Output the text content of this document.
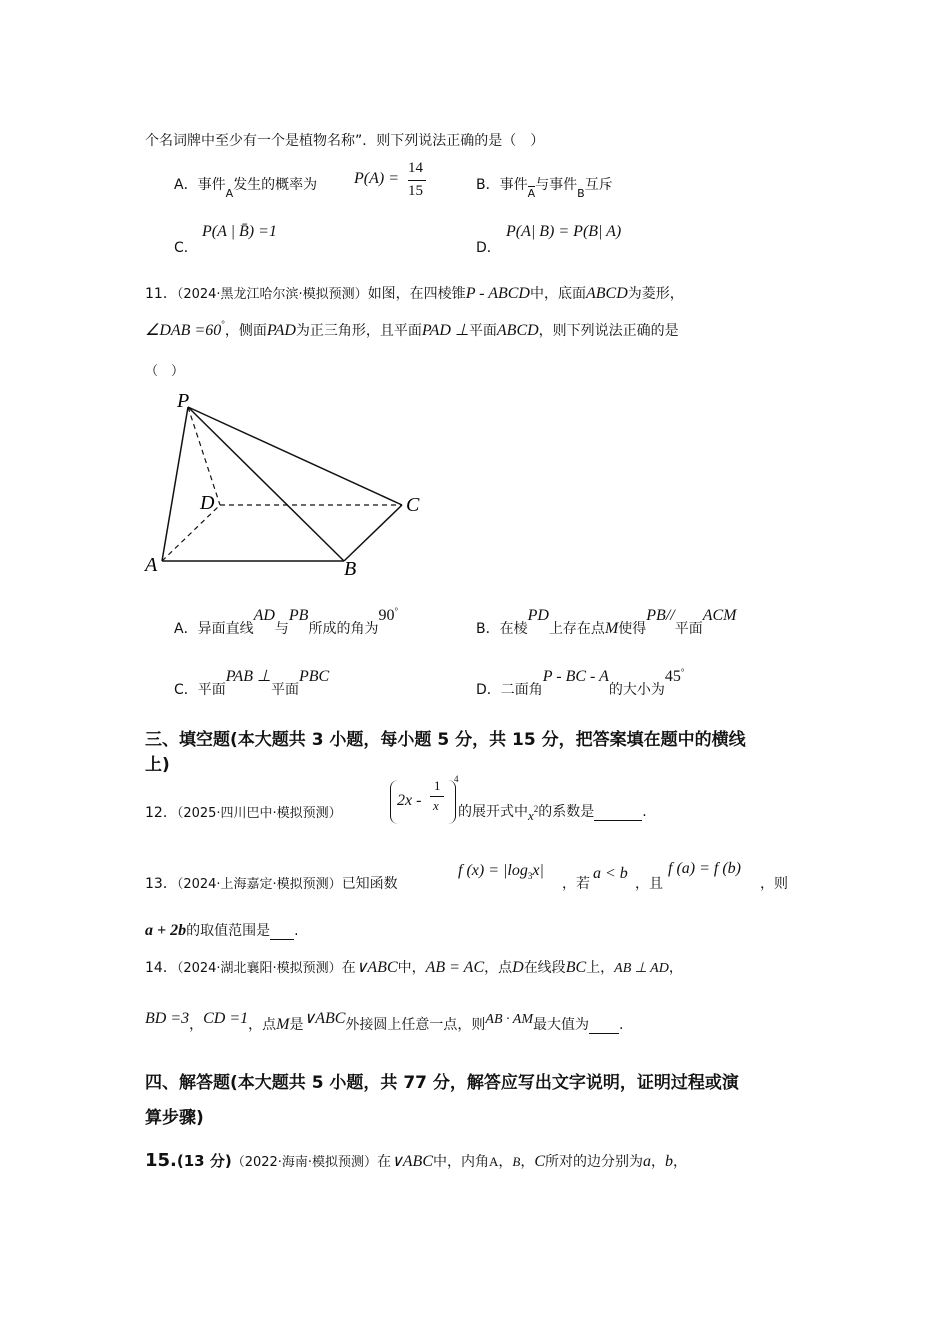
个名词牌中至少有一个是植物名称”．则下列说法正确的是（　）
A．事件$_A$发生的概率为 P(A) =
14
15	B．事件$_A$与事件$_B$互斥
C．
P(A | B̄) =1
D．
P(A| B) = P(B| A)
11．（2024·黑龙江哈尔滨·模拟预测）如图，在四棱锥P - ABCD中，底面ABCD为菱形，
∠DAB =60°，侧面PAD为正三角形，且平面PAD ⊥平面ABCD，则下列说法正确的是
（　）
P
D	C
A	B
A．异面直线AD与PB所成的角为90°
B．在棱PD上存在点M使得PB//平面ACM
C．平面PAB ⊥平面PBC
D．二面角P - BC - A的大小为45°
三、填空题(本大题共 3 小题，每小题 5 分，共 15 分，把答案填在题中的横线
上)
12．（2025·四川巴中·模拟预测）
2x -
1
x
4
的展开式中$_x^2$的系数是	.
13．（2024·上海嘉定·模拟预测）已知函数
f $(x) = |\log_3x|$
，若
a < b
，且
f (a) = f (b)
，则
a + 2b的取值范围是 .
14．（2024·湖北襄阳·模拟预测）在∨ABC中，AB = AC，点D在线段BC上，AB ⊥ AD，
BD =3，CD =1，点M是∨ABC外接圆上任意一点，则AB · AM最大值为 .
四、解答题(本大题共 5 小题，共 77 分，解答应写出文字说明，证明过程或演
算步骤)
15.(13 分)（2022·海南·模拟预测）在∨ABC中，内角A，B，C所对的边分别为a，b，
